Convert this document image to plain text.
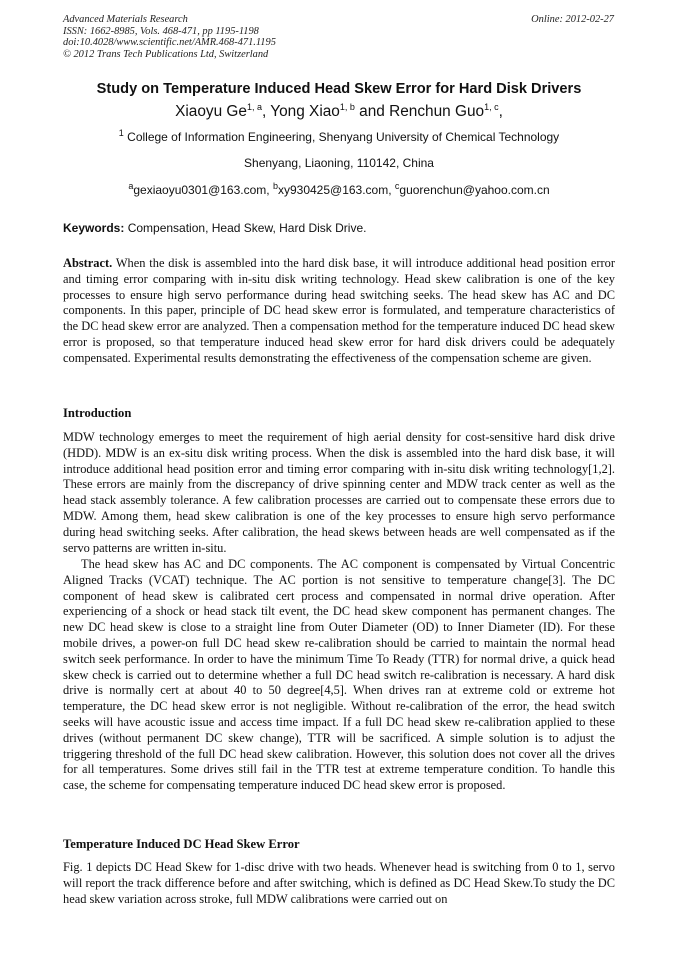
Advanced Materials Research
ISSN: 1662-8985, Vols. 468-471, pp 1195-1198
doi:10.4028/www.scientific.net/AMR.468-471.1195
© 2012 Trans Tech Publications Ltd, Switzerland
Online: 2012-02-27
Study on Temperature Induced Head Skew Error for Hard Disk Drivers
Xiaoyu Ge$^{1, a}$, Yong Xiao$^{1, b}$ and Renchun Guo$^{1, c}$,
$^1$ College of Information Engineering, Shenyang University of Chemical Technology
Shenyang, Liaoning, 110142, China
$^a$gexiaoyu0301@163.com, $^b$xy930425@163.com, $^c$guorenchun@yahoo.com.cn
Keywords: Compensation, Head Skew, Hard Disk Drive.
Abstract. When the disk is assembled into the hard disk base, it will introduce additional head position error and timing error comparing with in-situ disk writing technology. Head skew calibration is one of the key processes to ensure high servo performance during head switching seeks. The head skew has AC and DC components. In this paper, principle of DC head skew error is formulated, and temperature characteristics of the DC head skew error are analyzed. Then a compensation method for the temperature induced DC head skew error is proposed, so that temperature induced head skew error for hard disk drivers could be adequately compensated. Experimental results demonstrating the effectiveness of the compensation scheme are given.
Introduction
MDW technology emerges to meet the requirement of high aerial density for cost-sensitive hard disk drive (HDD). MDW is an ex-situ disk writing process. When the disk is assembled into the hard disk base, it will introduce additional head position error and timing error comparing with in-situ disk writing technology[1,2]. These errors are mainly from the discrepancy of drive spinning center and MDW track center as well as the head stack assembly tolerance. A few calibration processes are carried out to compensate these errors due to MDW. Among them, head skew calibration is one of the key processes to ensure high servo performance during head switching seeks. After calibration, the head skews between heads are well compensated as if the servo patterns are written in-situ.
The head skew has AC and DC components. The AC component is compensated by Virtual Concentric Aligned Tracks (VCAT) technique. The AC portion is not sensitive to temperature change[3]. The DC component of head skew is calibrated cert process and compensated in normal drive operation. After experiencing of a shock or head stack tilt event, the DC head skew component has permanent changes. The new DC head skew is close to a straight line from Outer Diameter (OD) to Inner Diameter (ID). For these mobile drives, a power-on full DC head skew re-calibration should be carried to maintain the normal head switch seek performance. In order to have the minimum Time To Ready (TTR) for normal drive, a quick head skew check is carried out to determine whether a full DC head switch re-calibration is necessary. A hard disk drive is normally cert at about 40 to 50 degree[4,5]. When drives ran at extreme cold or extreme hot temperature, the DC head skew error is not negligible. Without re-calibration of the error, the head switch seeks will have acoustic issue and access time impact. If a full DC head skew re-calibration applied to these drives (without permanent DC skew change), TTR will be sacrificed. A simple solution is to adjust the triggering threshold of the full DC head skew calibration. However, this solution does not cover all the drives for all temperatures. Some drives still fail in the TTR test at extreme temperature condition. To handle this case, the scheme for compensating temperature induced DC head skew error is proposed.
Temperature Induced DC Head Skew Error
Fig. 1 depicts DC Head Skew for 1-disc drive with two heads. Whenever head is switching from 0 to 1, servo will report the track difference before and after switching, which is defined as DC Head Skew.To study the DC head skew variation across stroke, full MDW calibrations were carried out on
